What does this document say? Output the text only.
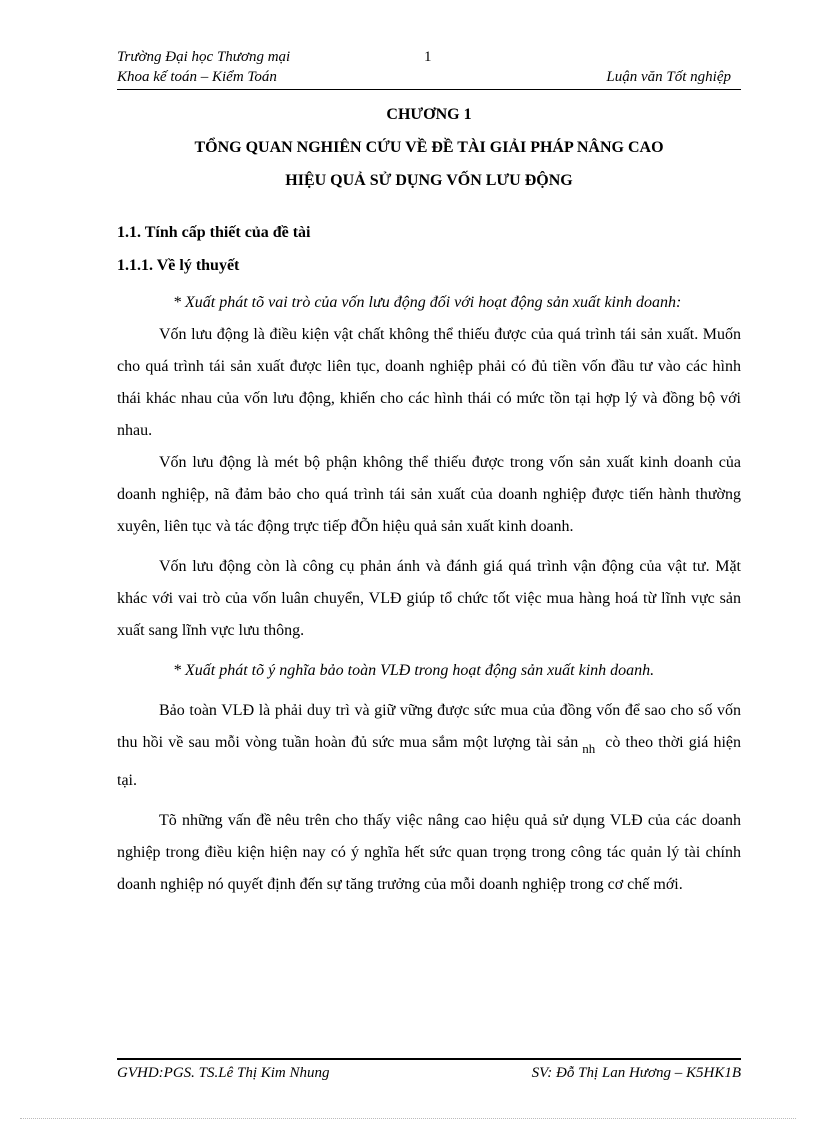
Trường Đại học Thương mại	1
Khoa kế toán – Kiểm Toán	Luận văn Tốt nghiệp
CHƯƠNG 1
TỔNG QUAN NGHIÊN CỨU VỀ ĐỀ TÀI GIẢI PHÁP NÂNG CAO
HIỆU QUẢ SỬ DỤNG VỐN LƯU ĐỘNG
1.1. Tính cấp thiết của đề tài
1.1.1. Về lý thuyết

* Xuất phát tõ vai trò của vốn lưu động đối với hoạt động sản xuất kinh doanh:

Vốn lưu động là điều kiện vật chất không thể thiếu được của quá trình tái sản xuất. Muốn cho quá trình tái sản xuất được liên tục, doanh nghiệp phải có đủ tiền vốn đầu tư vào các hình thái khác nhau của vốn lưu động, khiến cho các hình thái có mức tồn tại hợp lý và đồng bộ với nhau.

Vốn lưu động là mét bộ phận không thể thiếu được trong vốn sản xuất kinh doanh của doanh nghiệp, nã đảm bảo cho quá trình tái sản xuất của doanh nghiệp được tiến hành thường xuyên, liên tục và tác động trực tiếp đÕn hiệu quả sản xuất kinh doanh.

Vốn lưu động còn là công cụ phản ánh và đánh giá quá trình vận động của vật tư. Mặt khác với vai trò của vốn luân chuyển, VLĐ giúp tổ chức tốt việc mua hàng hoá từ lĩnh vực sản xuất sang lĩnh vực lưu thông.

* Xuất phát tõ ý nghĩa bảo toàn VLĐ trong hoạt động sản xuất kinh doanh.

Bảo toàn VLĐ là phải duy trì và giữ vững được sức mua của đồng vốn để sao cho số vốn thu hồi về sau mỗi vòng tuần hoàn đủ sức mua sắm một lượng tài sản $_{nh}$ cò theo thời giá hiện tại.

Tõ những vấn đề nêu trên cho thấy việc nâng cao hiệu quả sử dụng VLĐ của các doanh nghiệp trong điều kiện hiện nay có ý nghĩa hết sức quan trọng trong công tác quản lý tài chính doanh nghiệp nó quyết định đến sự tăng trưởng của mỗi doanh nghiệp trong cơ chế mới.

GVHD:PGS. TS.Lê Thị Kim Nhung	SV: Đỗ Thị Lan Hương – K5HK1B
